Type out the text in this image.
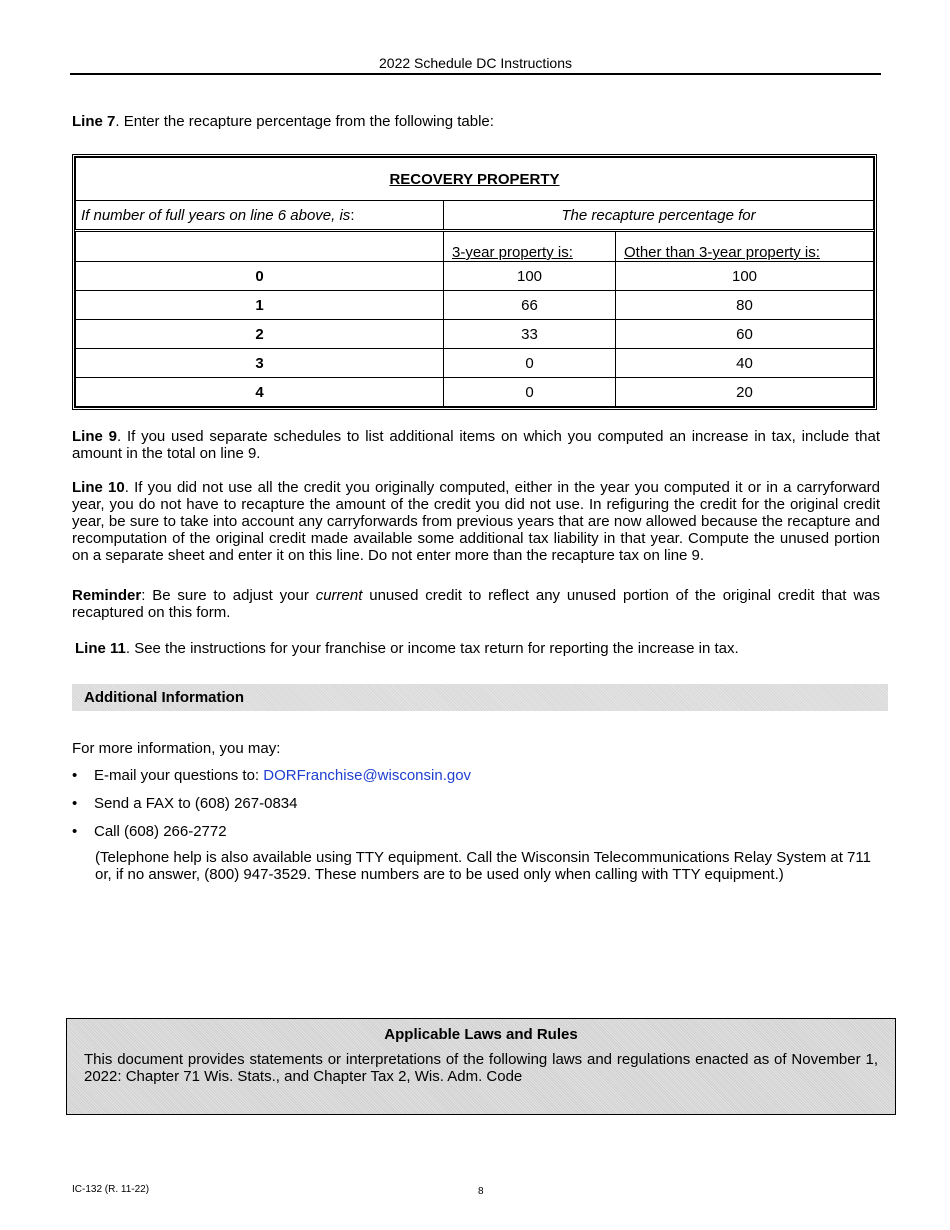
2022 Schedule DC Instructions
Line 7. Enter the recapture percentage from the following table:
RECOVERY PROPERTY		
If number of full years on line 6 above, is:	The recapture percentage for	
	3-year property is:	Other than 3-year property is:
0	100	100
1	66	80
2	33	60
3	0	40
4	0	20
Line 9. If you used separate schedules to list additional items on which you computed an increase in tax, include that amount in the total on line 9.
Line 10. If you did not use all the credit you originally computed, either in the year you computed it or in a carryforward year, you do not have to recapture the amount of the credit you did not use. In refiguring the credit for the original credit year, be sure to take into account any carryforwards from previous years that are now allowed because the recapture and recomputation of the original credit made available some additional tax liability in that year. Compute the unused portion on a separate sheet and enter it on this line. Do not enter more than the recapture tax on line 9.
Reminder: Be sure to adjust your current unused credit to reflect any unused portion of the original credit that was recaptured on this form.
Line 11. See the instructions for your franchise or income tax return for reporting the increase in tax.
Additional Information
For more information, you may:
• E-mail your questions to: DORFranchise@wisconsin.gov
• Send a FAX to (608) 267-0834
• Call (608) 266-2772
(Telephone help is also available using TTY equipment. Call the Wisconsin Telecommunications Relay System at 711 or, if no answer, (800) 947-3529. These numbers are to be used only when calling with TTY equipment.)
Applicable Laws and Rules
This document provides statements or interpretations of the following laws and regulations enacted as of November 1, 2022: Chapter 71 Wis. Stats., and Chapter Tax 2, Wis. Adm. Code
IC-132 (R. 11-22)	8
